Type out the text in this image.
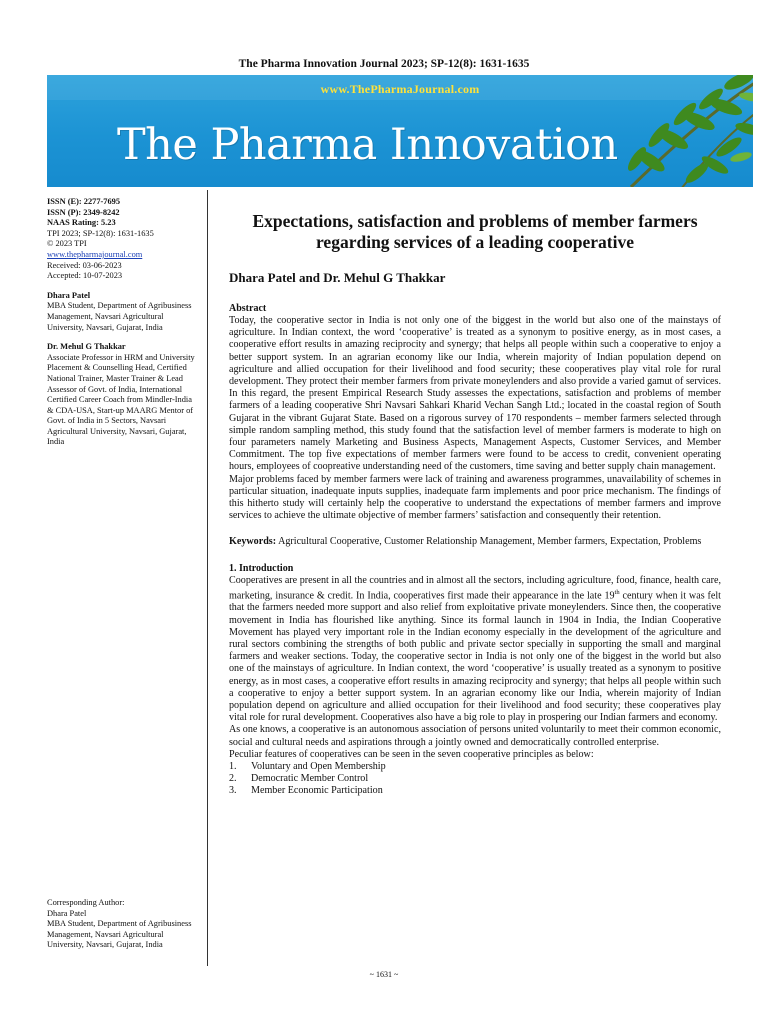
The Pharma Innovation Journal 2023; SP-12(8): 1631-1635
www.ThePharmaJournal.com
The Pharma Innovation
ISSN (E): 2277-7695
ISSN (P): 2349-8242
NAAS Rating: 5.23
TPI 2023; SP-12(8): 1631-1635
© 2023 TPI
www.thepharmajournal.com
Received: 03-06-2023
Accepted: 10-07-2023
Dhara Patel
MBA Student, Department of Agribusiness Management, Navsari Agricultural University, Navsari, Gujarat, India
Dr. Mehul G Thakkar
Associate Professor in HRM and University Placement & Counselling Head, Certified National Trainer, Master Trainer & Lead Assessor of Govt. of India, International Certified Career Coach from Mindler-India & CDA-USA, Start-up MAARG Mentor of Govt. of India in 5 Sectors, Navsari Agricultural University, Navsari, Gujarat, India
Corresponding Author:
Dhara Patel
MBA Student, Department of Agribusiness Management, Navsari Agricultural University, Navsari, Gujarat, India
Expectations, satisfaction and problems of member farmers regarding services of a leading cooperative
Dhara Patel and Dr. Mehul G Thakkar
Abstract

Today, the cooperative sector in India is not only one of the biggest in the world but also one of the mainstays of agriculture. In Indian context, the word ‘cooperative’ is treated as a synonym to positive energy, as in most cases, a cooperative effort results in amazing reciprocity and synergy; that helps all people within such a cooperative to enjoy a better support system. In an agrarian economy like our India, wherein majority of Indian population depend on agriculture and allied occupation for their livelihood and food security; these cooperatives play vital role for rural development. They protect their member farmers from private moneylenders and also provide a varied gamut of services. In this regard, the present Empirical Research Study assesses the expectations, satisfaction and problems of member farmers of a leading cooperative Shri Navsari Sahkari Kharid Vechan Sangh Ltd.; located in the coastal region of South Gujarat in the vibrant Gujarat State. Based on a rigorous survey of 170 respondents – member farmers selected through simple random sampling method, this study found that the satisfaction level of member farmers is moderate to high on four parameters namely Marketing and Business Aspects, Management Aspects, Customer Services, and Member Commitment. The top five expectations of member farmers were found to be access to credit, convenient operating hours, employees of coopreative understanding need of the customers, time saving and better supply chain management.

Major problems faced by member farmers were lack of training and awareness programmes, unavailability of schemes in particular situation, inadequate inputs supplies, inadequate farm implements and poor price mechanism. The findings of this hitherto study will certainly help the cooperative to understand the expectations of member farmers and improve services to achieve the ultimate objective of member farmers’ satisfaction and consequently their retention.

Keywords: Agricultural Cooperative, Customer Relationship Management, Member farmers, Expectation, Problems

1. Introduction

Cooperatives are present in all the countries and in almost all the sectors, including agriculture, food, finance, health care, marketing, insurance & credit. In India, cooperatives first made their appearance in the late 19th century when it was felt that the farmers needed more support and also relief from exploitative private moneylenders. Since then, the cooperative movement in India has flourished like anything. Since its formal launch in 1904 in India, the Indian Cooperative Movement has played very important role in the Indian economy especially in the development of the agriculture and rural sectors combining the strengths of both public and private sector specially in supporting the small and marginal farmers and weaker sections. Today, the cooperative sector in India is not only one of the biggest in the world but also one of the mainstays of agriculture. In Indian context, the word ‘cooperative’ is usually treated as a synonym to positive energy, as in most cases, a cooperative effort results in amazing reciprocity and synergy; that helps all people within such a cooperative to enjoy a better support system. In an agrarian economy like our India, wherein majority of Indian population depend on agriculture and allied occupation for their livelihood and food security; these cooperatives play vital role for rural development. Cooperatives also have a big role to play in prospering our Indian farmers and economy.

As one knows, a cooperative is an autonomous association of persons united voluntarily to meet their common economic, social and cultural needs and aspirations through a jointly owned and democratically controlled enterprise.

Peculiar features of cooperatives can be seen in the seven cooperative principles as below:

1. Voluntary and Open Membership
2. Democratic Member Control
3. Member Economic Participation
~ 1631 ~
